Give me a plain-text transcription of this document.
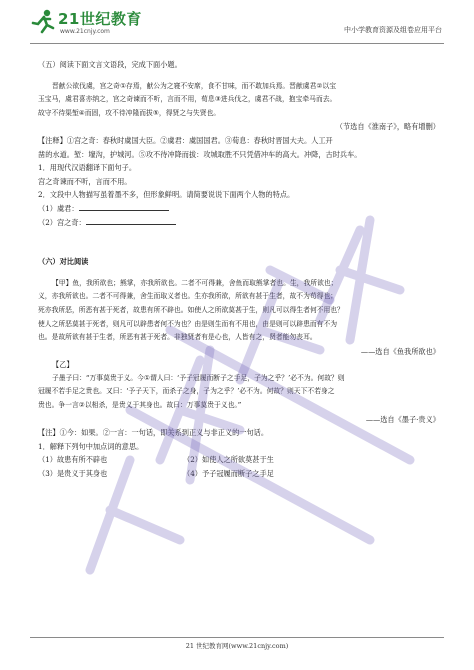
21世纪教育
www.21cnjy.com	中小学教育资源及组卷应用平台

（五）阅读下面文言文语段，完成下面小题。

晋献公欲伐虞，宫之奇①存焉，献公为之寝不安席，食不甘味，而不敢加兵焉。晋献虞君②以宝

玉宝马，虞君喜亦纳之，宫之奇谏而不听，言而不用，荀息③进兵伐之，虞君不战，抱宝牵马而去。

故守不待渠堑④而固，攻不待冲隆而拔⑤，得贤之与失贤也。

（节选自《淮南子》，略有增删）

【注释】①宫之奇：春秋时虞国大臣。②虞君：虞国国君。③荀息：春秋时晋国大夫。人工开

凿的水道。堑：壕沟，护城河。⑤攻不待冲降而拔：攻城取胜不只凭借冲车的高大。冲降，古时兵车。

1．用现代汉语翻译下面句子。

宫之奇谏而不听，言而不用。

2．文段中人物描写虽着墨不多，但形象鲜明。请简要说说下面两个人物的特点。

（1）虞君：

（2）宫之奇：

（六）对比阅读

【甲】鱼，我所欲也；熊掌，亦我所欲也。二者不可得兼，舍鱼而取熊掌者也。生，我所欲也；

义，亦我所欲也。二者不可得兼，舍生而取义者也。生亦我所欲，所欲有甚于生者，故不为苟得也；

死亦我所恶，所恶有甚于死者，故患有所不辟也。如使人之所欲莫甚于生，则凡可以得生者何不用也？

使人之所恶莫甚于死者，则凡可以辟患者何不为也？由是则生而有不用也，由是则可以辟患而有不为

也。是故所欲有甚于生者，所恶有甚于死者。非独贤者有是心也，人皆有之，贤者能勿丧耳。

——选自《鱼我所欲也》

【乙】

子墨子曰：“万事莫贵于义。今①谓人曰：‘予子冠履而断子之手足，子为之乎？’必不为。何故？则

冠履不若手足之贵也。又曰：‘予子天下，而杀子之身，子为之乎？’必不为。何故？则天下不若身之

贵也。争一言②以相杀，是贵义于其身也。故曰：万事莫贵于义也。”

——选自《墨子·贵义》

【注】①今：如果。②一言：一句话，即关系到正义与非正义的一句话。

1．解释下列句中加点词的意思。

（1）故患有所不辟也	（2）如使人之所欲莫甚于生

（3）是贵义于其身也	（4）予子冠履而断子之手足

21 世纪教育网(www.21cnjy.com)
